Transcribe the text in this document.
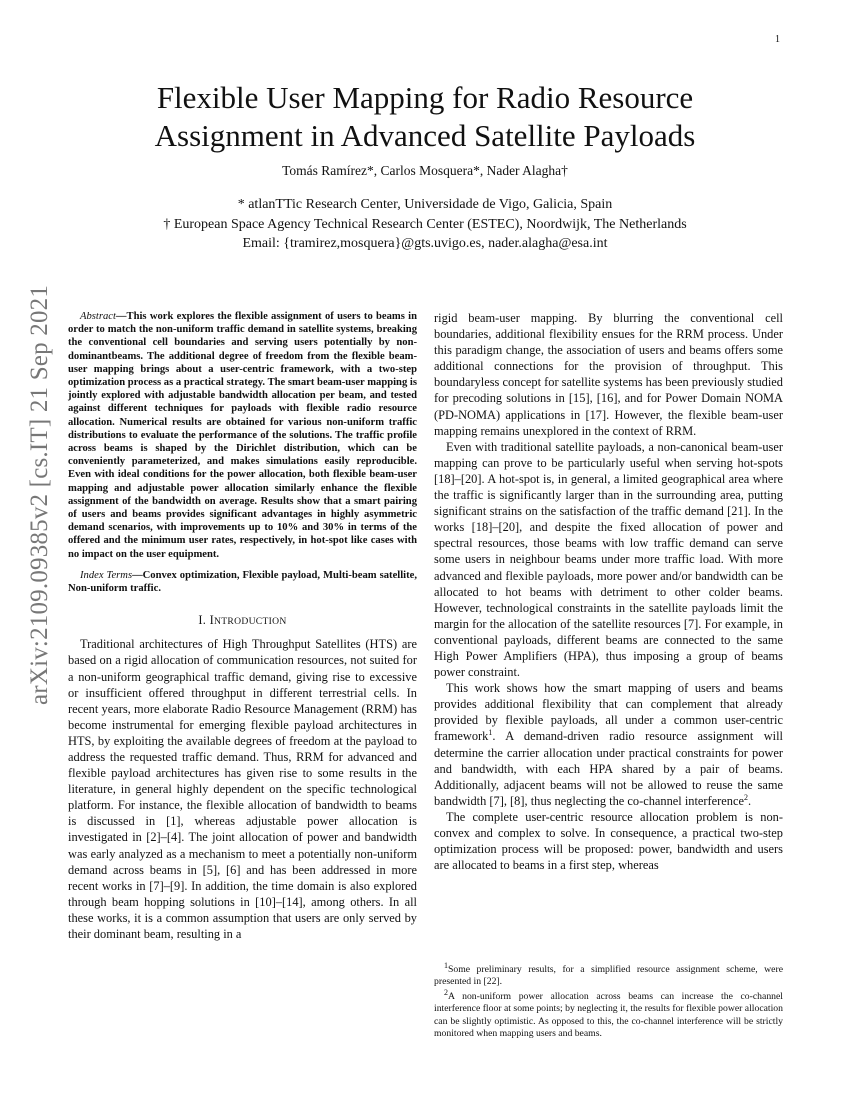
1
arXiv:2109.09385v2 [cs.IT] 21 Sep 2021
Flexible User Mapping for Radio Resource
Assignment in Advanced Satellite Payloads
Tomás Ramírez*, Carlos Mosquera*, Nader Alagha†
* atlanTTic Research Center, Universidade de Vigo, Galicia, Spain
† European Space Agency Technical Research Center (ESTEC), Noordwijk, The Netherlands
Email: {tramirez,mosquera}@gts.uvigo.es, nader.alagha@esa.int

Abstract—This work explores the flexible assignment of users to beams in order to match the non-uniform traffic demand in satellite systems, breaking the conventional cell boundaries and serving users potentially by non-dominantbeams. The additional degree of freedom from the flexible beam-user mapping brings about a user-centric framework, with a two-step optimization process as a practical strategy. The smart beam-user mapping is jointly explored with adjustable bandwidth allocation per beam, and tested against different techniques for payloads with flexible radio resource allocation. Numerical results are obtained for various non-uniform traffic distributions to evaluate the performance of the solutions. The traffic profile across beams is shaped by the Dirichlet distribution, which can be conveniently parameterized, and makes simulations easily reproducible. Even with ideal conditions for the power allocation, both flexible beam-user mapping and adjustable power allocation similarly enhance the flexible assignment of the bandwidth on average. Results show that a smart pairing of users and beams provides significant advantages in highly asymmetric demand scenarios, with improvements up to 10% and 30% in terms of the offered and the minimum user rates, respectively, in hot-spot like cases with no impact on the user equipment.

Index Terms—Convex optimization, Flexible payload, Multi-beam satellite, Non-uniform traffic.

I. INTRODUCTION

Traditional architectures of High Throughput Satellites (HTS) are based on a rigid allocation of communication resources, not suited for a non-uniform geographical traffic demand, giving rise to excessive or insufficient offered throughput in different terrestrial cells. In recent years, more elaborate Radio Resource Management (RRM) has become instrumental for emerging flexible payload architectures in HTS, by exploiting the available degrees of freedom at the payload to address the requested traffic demand. Thus, RRM for advanced and flexible payload architectures has given rise to some results in the literature, in general highly dependent on the specific technological platform. For instance, the flexible allocation of bandwidth to beams is discussed in [1], whereas adjustable power allocation is investigated in [2]–[4]. The joint allocation of power and bandwidth was early analyzed as a mechanism to meet a potentially non-uniform demand across beams in [5], [6] and has been addressed in more recent works in [7]–[9]. In addition, the time domain is also explored through beam hopping solutions in [10]–[14], among others. In all these works, it is a common assumption that users are only served by their dominant beam, resulting in a

rigid beam-user mapping. By blurring the conventional cell boundaries, additional flexibility ensues for the RRM process. Under this paradigm change, the association of users and beams offers some additional connections for the provision of throughput. This boundaryless concept for satellite systems has been previously studied for precoding solutions in [15], [16], and for Power Domain NOMA (PD-NOMA) applications in [17]. However, the flexible beam-user mapping remains unexplored in the context of RRM.

Even with traditional satellite payloads, a non-canonical beam-user mapping can prove to be particularly useful when serving hot-spots [18]–[20]. A hot-spot is, in general, a limited geographical area where the traffic is significantly larger than in the surrounding area, putting significant strains on the satisfaction of the traffic demand [21]. In the works [18]–[20], and despite the fixed allocation of power and spectral resources, those beams with low traffic demand can serve some users in neighbour beams under more traffic load. With more advanced and flexible payloads, more power and/or bandwidth can be allocated to hot beams with detriment to other colder beams. However, technological constraints in the satellite payloads limit the margin for the allocation of the satellite resources [7]. For example, in conventional payloads, different beams are connected to the same High Power Amplifiers (HPA), thus imposing a group of beams power constraint.

This work shows how the smart mapping of users and beams provides additional flexibility that can complement that already provided by flexible payloads, all under a common user-centric framework$^1$. A demand-driven radio resource assignment will determine the carrier allocation under practical constraints for power and bandwidth, with each HPA shared by a pair of beams. Additionally, adjacent beams will not be allowed to reuse the same bandwidth [7], [8], thus neglecting the co-channel interference$^2$.

The complete user-centric resource allocation problem is non-convex and complex to solve. In consequence, a practical two-step optimization process will be proposed: power, bandwidth and users are allocated to beams in a first step, whereas

$^1$Some preliminary results, for a simplified resource assignment scheme, were presented in [22].

$^2$A non-uniform power allocation across beams can increase the co-channel interference floor at some points; by neglecting it, the results for flexible power allocation can be slightly optimistic. As opposed to this, the co-channel interference will be strictly monitored when mapping users and beams.
